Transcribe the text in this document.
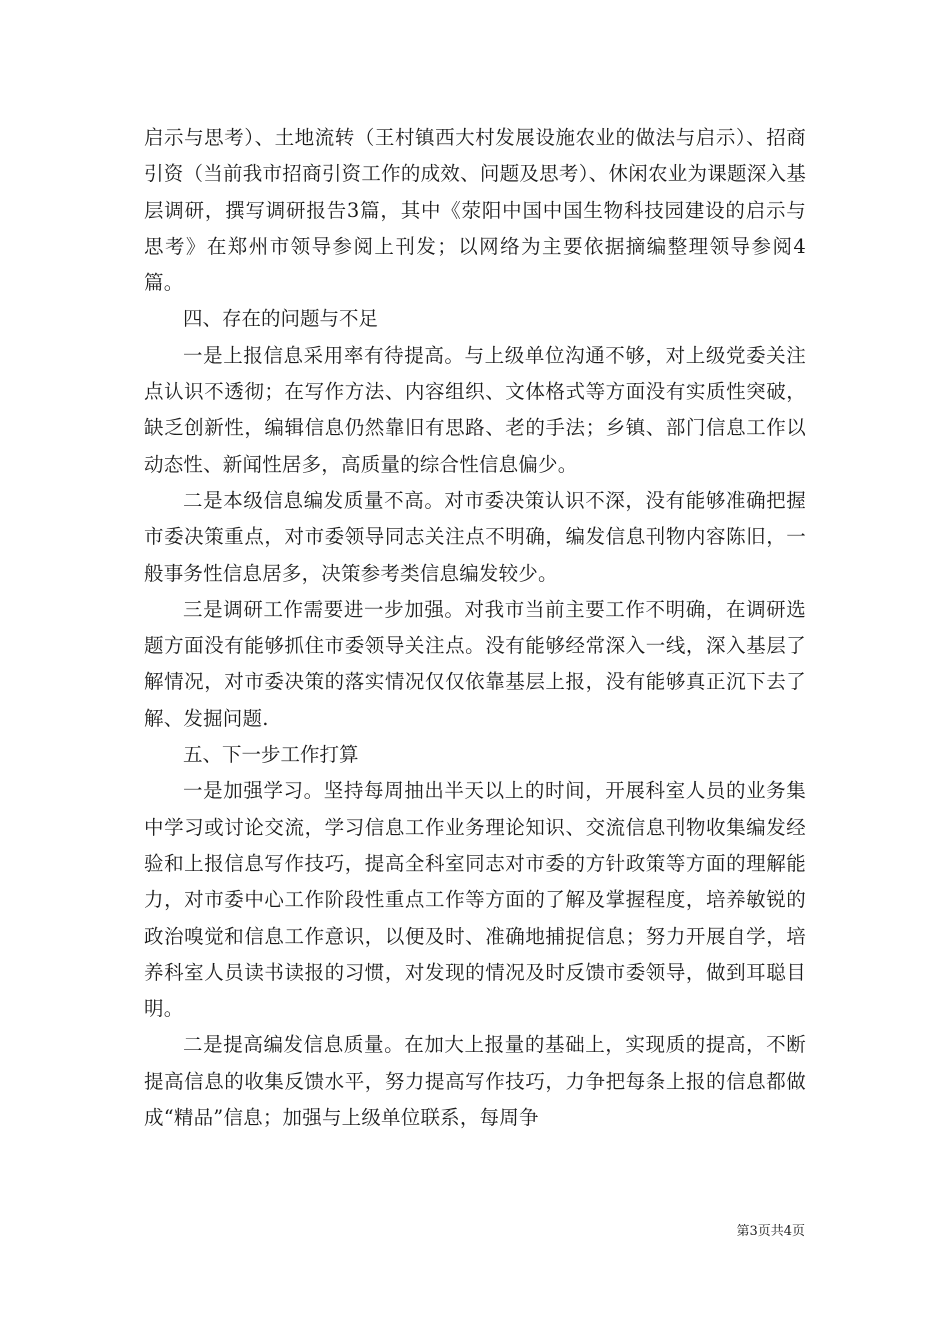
启示与思考）、土地流转（王村镇西大村发展设施农业的做法与启示）、招商引资（当前我市招商引资工作的成效、问题及思考）、休闲农业为课题深入基层调研，撰写调研报告3篇，其中《荥阳中国中国生物科技园建设的启示与思考》在郑州市领导参阅上刊发；以网络为主要依据摘编整理领导参阅4篇。

四、存在的问题与不足

一是上报信息采用率有待提高。与上级单位沟通不够，对上级党委关注点认识不透彻；在写作方法、内容组织、文体格式等方面没有实质性突破，缺乏创新性，编辑信息仍然靠旧有思路、老的手法；乡镇、部门信息工作以动态性、新闻性居多，高质量的综合性信息偏少。

二是本级信息编发质量不高。对市委决策认识不深，没有能够准确把握市委决策重点，对市委领导同志关注点不明确，编发信息刊物内容陈旧，一般事务性信息居多，决策参考类信息编发较少。

三是调研工作需要进一步加强。对我市当前主要工作不明确，在调研选题方面没有能够抓住市委领导关注点。没有能够经常深入一线，深入基层了解情况，对市委决策的落实情况仅仅依靠基层上报，没有能够真正沉下去了解、发掘问题.

五、下一步工作打算

一是加强学习。坚持每周抽出半天以上的时间，开展科室人员的业务集中学习或讨论交流，学习信息工作业务理论知识、交流信息刊物收集编发经验和上报信息写作技巧，提高全科室同志对市委的方针政策等方面的理解能力，对市委中心工作阶段性重点工作等方面的了解及掌握程度，培养敏锐的政治嗅觉和信息工作意识，以便及时、准确地捕捉信息；努力开展自学，培养科室人员读书读报的习惯，对发现的情况及时反馈市委领导，做到耳聪目明。

二是提高编发信息质量。在加大上报量的基础上，实现质的提高，不断提高信息的收集反馈水平，努力提高写作技巧，力争把每条上报的信息都做成“精品”信息；加强与上级单位联系，每周争

第3页共4页
